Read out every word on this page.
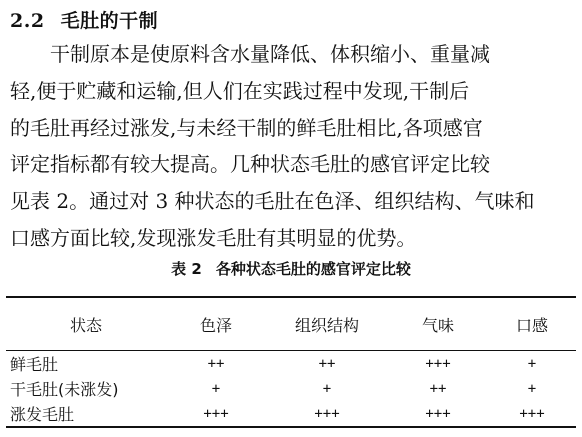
2.2 毛肚的干制
干制原本是使原料含水量降低、体积缩小、重量减
轻,便于贮藏和运输,但人们在实践过程中发现,干制后
的毛肚再经过涨发,与未经干制的鲜毛肚相比,各项感官
评定指标都有较大提高。几种状态毛肚的感官评定比较
见表 2。通过对 3 种状态的毛肚在色泽、组织结构、气味和
口感方面比较,发现涨发毛肚有其明显的优势。
表 2 各种状态毛肚的感官评定比较
状态	色泽	组织结构	气味	口感
鲜毛肚	++	++	+++	+
干毛肚(未涨发)	+	+	++	+
涨发毛肚	+++	+++	+++	+++
